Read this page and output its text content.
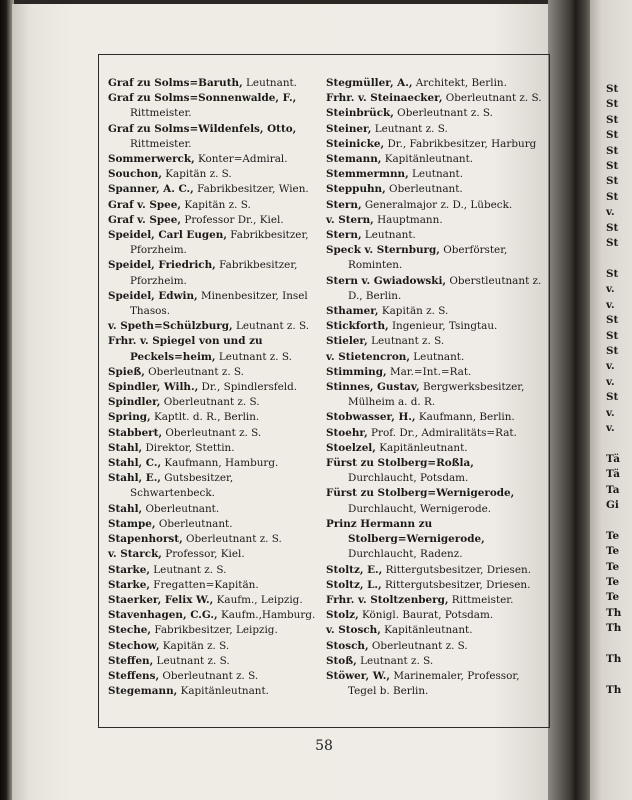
Graf zu Solms=Baruth, Leutnant.

Graf zu Solms=Sonnenwalde, F., Rittmeister.

Graf zu Solms=Wildenfels, Otto, Rittmeister.

Sommerwerck, Konter=Admiral.

Souchon, Kapitän z. S.

Spanner, A. C., Fabrikbesitzer, Wien.

Graf v. Spee, Kapitän z. S.

Graf v. Spee, Professor Dr., Kiel.

Speidel, Carl Eugen, Fabrikbesitzer, Pforzheim.

Speidel, Friedrich, Fabrikbesitzer, Pforzheim.

Speidel, Edwin, Minenbesitzer, Insel Thasos.

v. Speth=Schülzburg, Leutnant z. S.

Frhr. v. Spiegel von und zu Peckels=heim, Leutnant z. S.

Spieß, Oberleutnant z. S.

Spindler, Wilh., Dr., Spindlersfeld.

Spindler, Oberleutnant z. S.

Spring, Kaptlt. d. R., Berlin.

Stabbert, Oberleutnant z. S.

Stahl, Direktor, Stettin.

Stahl, C., Kaufmann, Hamburg.

Stahl, E., Gutsbesitzer, Schwartenbeck.

Stahl, Oberleutnant.

Stampe, Oberleutnant.

Stapenhorst, Oberleutnant z. S.

v. Starck, Professor, Kiel.

Starke, Leutnant z. S.

Starke, Fregatten=Kapitän.

Staerker, Felix W., Kaufm., Leipzig.

Stavenhagen, C.G., Kaufm.,Hamburg.

Steche, Fabrikbesitzer, Leipzig.

Stechow, Kapitän z. S.

Steffen, Leutnant z. S.

Steffens, Oberleutnant z. S.

Stegemann, Kapitänleutnant.

Stegmüller, A., Architekt, Berlin.

Frhr. v. Steinaecker, Oberleutnant z. S.

Steinbrück, Oberleutnant z. S.

Steiner, Leutnant z. S.

Steinicke, Dr., Fabrikbesitzer, Harburg

Stemann, Kapitänleutnant.

Stemmermnn, Leutnant.

Steppuhn, Oberleutnant.

Stern, Generalmajor z. D., Lübeck.

v. Stern, Hauptmann.

Stern, Leutnant.

Speck v. Sternburg, Oberförster, Rominten.

Stern v. Gwiadowski, Oberstleutnant z. D., Berlin.

Sthamer, Kapitän z. S.

Stickforth, Ingenieur, Tsingtau.

Stieler, Leutnant z. S.

v. Stietencron, Leutnant.

Stimming, Mar.=Int.=Rat.

Stinnes, Gustav, Bergwerksbesitzer, Mülheim a. d. R.

Stobwasser, H., Kaufmann, Berlin.

Stoehr, Prof. Dr., Admiralitäts=Rat.

Stoelzel, Kapitänleutnant.

Fürst zu Stolberg=Roßla, Durchlaucht, Potsdam.

Fürst zu Stolberg=Wernigerode, Durchlaucht, Wernigerode.

Prinz Hermann zu Stolberg=Wernigerode, Durchlaucht, Radenz.

Stoltz, E., Rittergutsbesitzer, Driesen.

Stoltz, L., Rittergutsbesitzer, Driesen.

Frhr. v. Stoltzenberg, Rittmeister.

Stolz, Königl. Baurat, Potsdam.

v. Stosch, Kapitänleutnant.

Stosch, Oberleutnant z. S.

Stoß, Leutnant z. S.

Stöwer, W., Marinemaler, Professor, Tegel b. Berlin.

St
St
St
St
St
St
St
St
v.
St
St

St
v.
v.
St
St
St
v.
v.
St
v.
v.

Tä
Tä
Ta
Gi

Te
Te
Te
Te
Te
Th
Th

Th

Th
58
